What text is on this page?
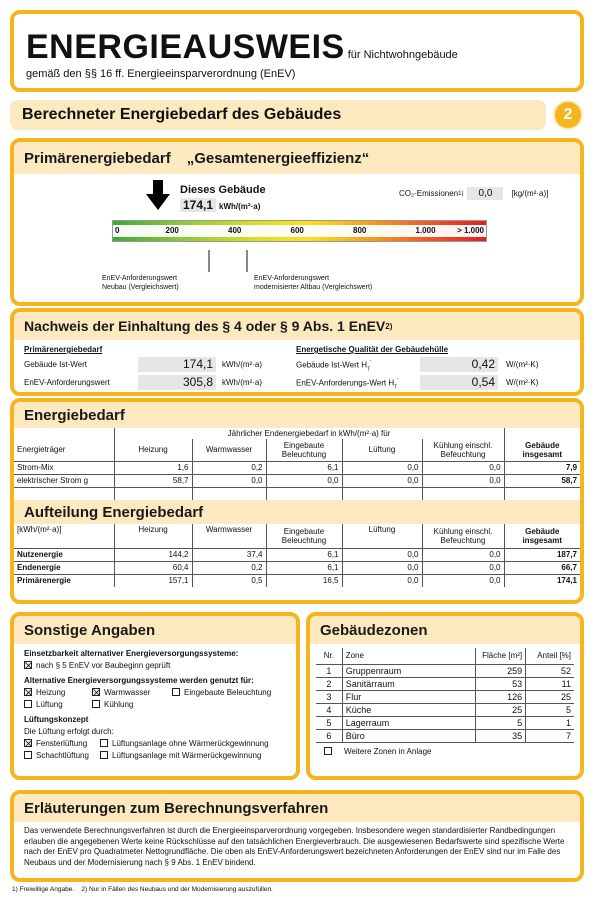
ENERGIEAUSWEIS für Nichtwohngebäude
gemäß den §§ 16 ff. Energieeinsparverordnung (EnEV)
Berechneter Energiebedarf des Gebäudes	2
Primärenergiebedarf „Gesamtenergieeffizienz“
Dieses Gebäude
174,1 kWh/(m²·a)
CO₂-Emissionen 1)	0,0	[kg/(m²·a)]
0	200	400	600	800	1.000	> 1.000
EnEV-Anforderungswert
Neubau (Vergleichswert)
EnEV-Anforderungswert
modernisierter Altbau (Vergleichswert)
Nachweis der Einhaltung des § 4 oder § 9 Abs. 1 EnEV 2)
Primärenergiebedarf	Energetische Qualität der Gebäudehülle
Gebäude Ist-Wert	174,1	kWh/(m²·a)
EnEV-Anforderungswert	305,8	kWh/(m²·a)
Gebäude Ist-Wert $H_T'$	0,42	W/(m²·K)
EnEV-Anforderungs-Wert $H_T'$	0,54	W/(m²·K)
Energiebedarf
	Jährlicher Endenergiebedarf in kWh/(m²·a) für					
Energieträger	Heizung	Warmwasser	Eingebaute Beleuchtung	Lüftung	Kühlung einschl. Befeuchtung	Gebäude insgesamt
Strom-Mix	1,6	0,2	6,1	0,0	0,0	7,9
elektrischer Strom g	58,7	0,0	0,0	0,0	0,0	58,7

Aufteilung Energiebedarf
[kWh/(m²·a)]	Heizung	Warmwasser	Eingebaute Beleuchtung	Lüftung	Kühlung einschl. Befeuchtung	Gebäude insgesamt
Nutzenergie	144,2	37,4	6,1	0,0	0,0	187,7
Endenergie	60,4	0,2	6,1	0,0	0,0	66,7
Primärenergie	157,1	0,5	16,5	0,0	0,0	174,1
Sonstige Angaben
Einsetzbarkeit alternativer Energieversorgungssysteme:
nach § 5 EnEV vor Baubeginn geprüft
Alternative Energieversorgungssysteme werden genutzt für:
Heizung	Warmwasser	Eingebaute Beleuchtung
Lüftung	Kühlung
Lüftungskonzept
Die Lüftung erfolgt durch:
Fensterlüftung	Lüftungsanlage ohne Wärmerückgewinnung
Schachtlüftung	Lüftungsanlage mit Wärmerückgewinnung
Gebäudezonen
Nr.	Zone	Fläche [m²]	Anteil [%]
1	Gruppenraum	259	52
2	Sanitärraum	53	11
3	Flur	126	25
4	Küche	25	5
5	Lagerraum	5	1
6	Büro	35	7
Weitere Zonen in Anlage
Erläuterungen zum Berechnungsverfahren
Das verwendete Berechnungsverfahren ist durch die Energieeinsparverordnung vorgegeben. Insbesondere wegen standardisierter Randbedingungen erlauben die angegebenen Werte keine Rückschlüsse auf den tatsächlichen Energieverbrauch. Die ausgewiesenen Bedarfswerte sind spezifische Werte nach der EnEV pro Quadratmeter Nettogrundfläche. Die oben als EnEV-Anforderungswert bezeichneten Anforderungen der EnEV sind nur im Falle des Neubaus und der Modernisierung nach § 9 Abs. 1 EnEV bindend.
1) Freiwillige Angabe.    2) Nur in Fällen des Neubaus und der Modernisierung auszufüllen.
